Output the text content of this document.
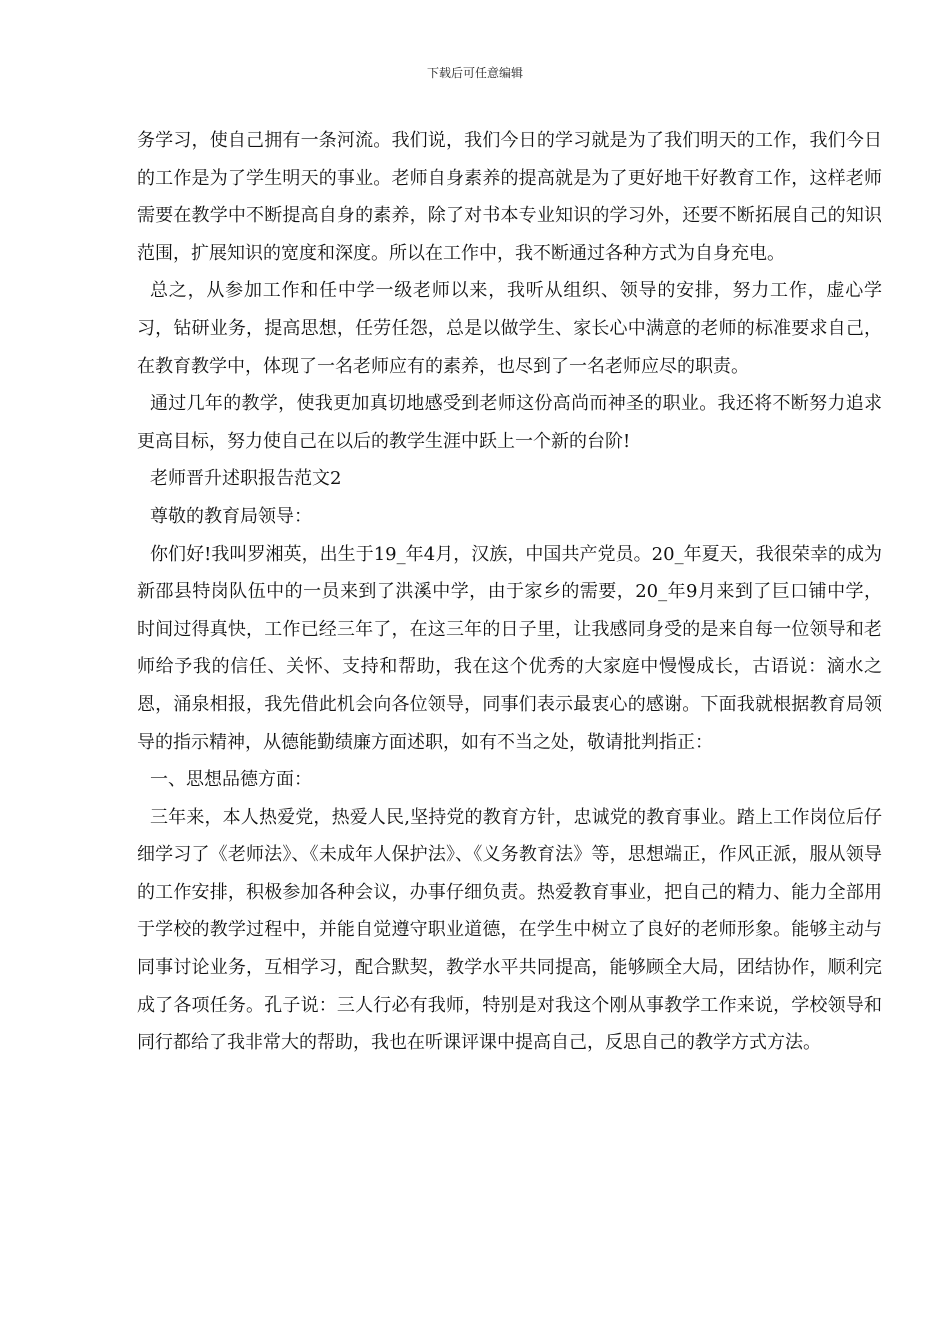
下载后可任意编辑

务学习，使自己拥有一条河流。我们说，我们今日的学习就是为了我们明天的工作，我们今日的工作是为了学生明天的事业。老师自身素养的提高就是为了更好地干好教育工作，这样老师需要在教学中不断提高自身的素养，除了对书本专业知识的学习外，还要不断拓展自己的知识范围，扩展知识的宽度和深度。所以在工作中，我不断通过各种方式为自身充电。

总之，从参加工作和任中学一级老师以来，我听从组织、领导的安排，努力工作，虚心学习，钻研业务，提高思想，任劳任怨，总是以做学生、家长心中满意的老师的标准要求自己，在教育教学中，体现了一名老师应有的素养，也尽到了一名老师应尽的职责。

通过几年的教学，使我更加真切地感受到老师这份高尚而神圣的职业。我还将不断努力追求更高目标，努力使自己在以后的教学生涯中跃上一个新的台阶!

老师晋升述职报告范文2

尊敬的教育局领导：

你们好!我叫罗湘英，出生于19_年4月，汉族，中国共产党员。20_年夏天，我很荣幸的成为新邵县特岗队伍中的一员来到了洪溪中学，由于家乡的需要，20_年9月来到了巨口铺中学，时间过得真快，工作已经三年了，在这三年的日子里，让我感同身受的是来自每一位领导和老师给予我的信任、关怀、支持和帮助，我在这个优秀的大家庭中慢慢成长，古语说：滴水之恩，涌泉相报，我先借此机会向各位领导，同事们表示最衷心的感谢。下面我就根据教育局领导的指示精神，从德能勤绩廉方面述职，如有不当之处，敬请批判指正：

一、思想品德方面：

三年来，本人热爱党，热爱人民,坚持党的教育方针，忠诚党的教育事业。踏上工作岗位后仔细学习了《老师法》、《未成年人保护法》、《义务教育法》等，思想端正，作风正派，服从领导的工作安排，积极参加各种会议，办事仔细负责。热爱教育事业，把自己的精力、能力全部用于学校的教学过程中，并能自觉遵守职业道德，在学生中树立了良好的老师形象。能够主动与同事讨论业务，互相学习，配合默契，教学水平共同提高，能够顾全大局，团结协作，顺利完成了各项任务。孔子说：三人行必有我师，特别是对我这个刚从事教学工作来说，学校领导和同行都给了我非常大的帮助，我也在听课评课中提高自己，反思自己的教学方式方法。
